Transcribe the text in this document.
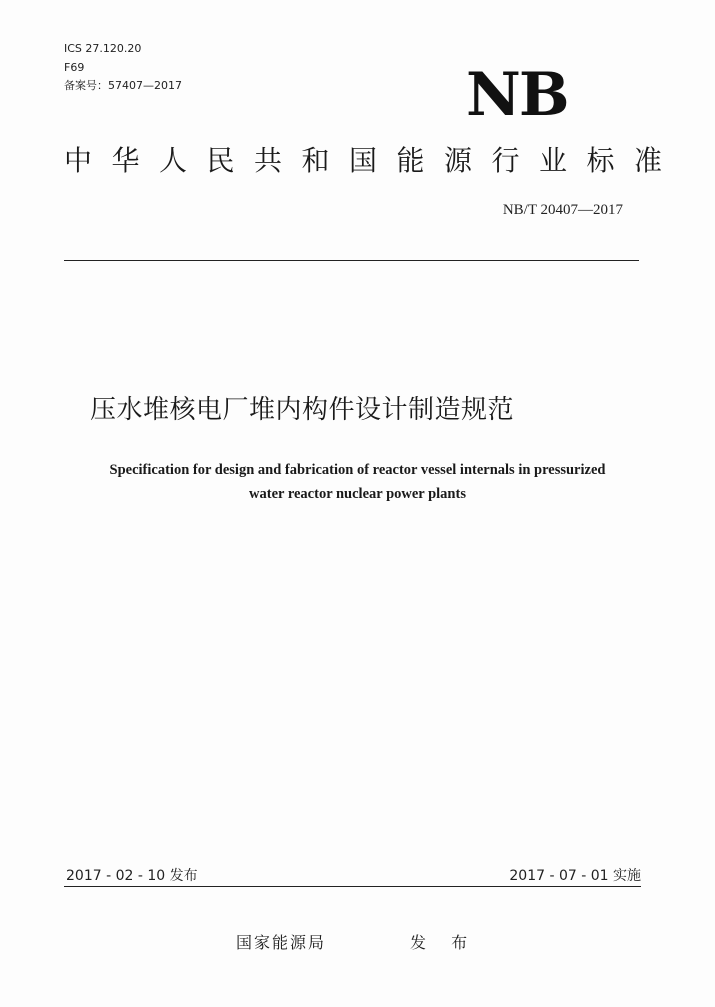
ICS 27.120.20
F69
备案号：57407—2017	NB
中华人民共和国能源行业标准
NB/T 20407—2017
压水堆核电厂堆内构件设计制造规范
Specification for design and fabrication of reactor vessel internals in pressurized
water reactor nuclear power plants
2017 - 02 - 10 发布	2017 - 07 - 01 实施
国家能源局	发 布
